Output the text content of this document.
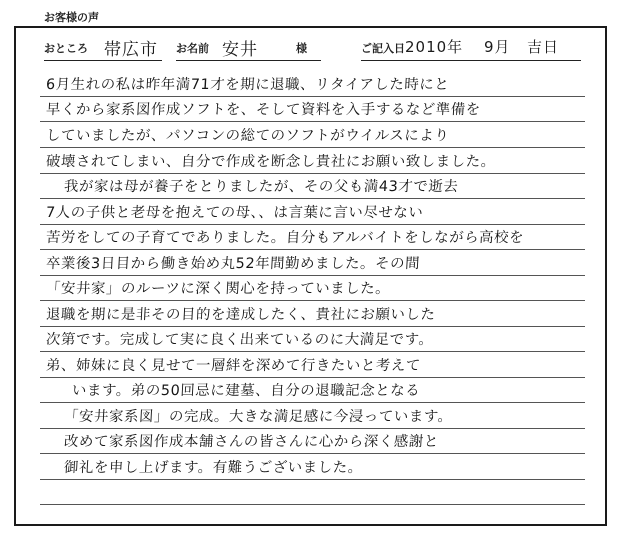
お客様の声
おところ 帯広市 お名前 安井	様	ご記入日 2010年 9月 吉日
6月生れの私は昨年満71才を期に退職、リタイアした時にと
早くから家系図作成ソフトを、そして資料を入手するなど準備を
していましたが、パソコンの総てのソフトがウイルスにより
破壊されてしまい、自分で作成を断念し貴社にお願い致しました。
我が家は母が養子をとりましたが、その父も満43才で逝去
7人の子供と老母を抱えての母、、は言葉に言い尽せない
苦労をしての子育てでありました。自分もアルバイトをしながら高校を
卒業後3日目から働き始め丸52年間勤めました。その間
「安井家」のルーツに深く関心を持っていました。
退職を期に是非その目的を達成したく、貴社にお願いした
次第です。完成して実に良く出来ているのに大満足です。
弟、姉妹に良く見せて一層絆を深めて行きたいと考えて
います。弟の50回忌に建墓、自分の退職記念となる
「安井家系図」の完成。大きな満足感に今浸っています。
改めて家系図作成本舗さんの皆さんに心から深く感謝と
御礼を申し上げます。有難うございました。
